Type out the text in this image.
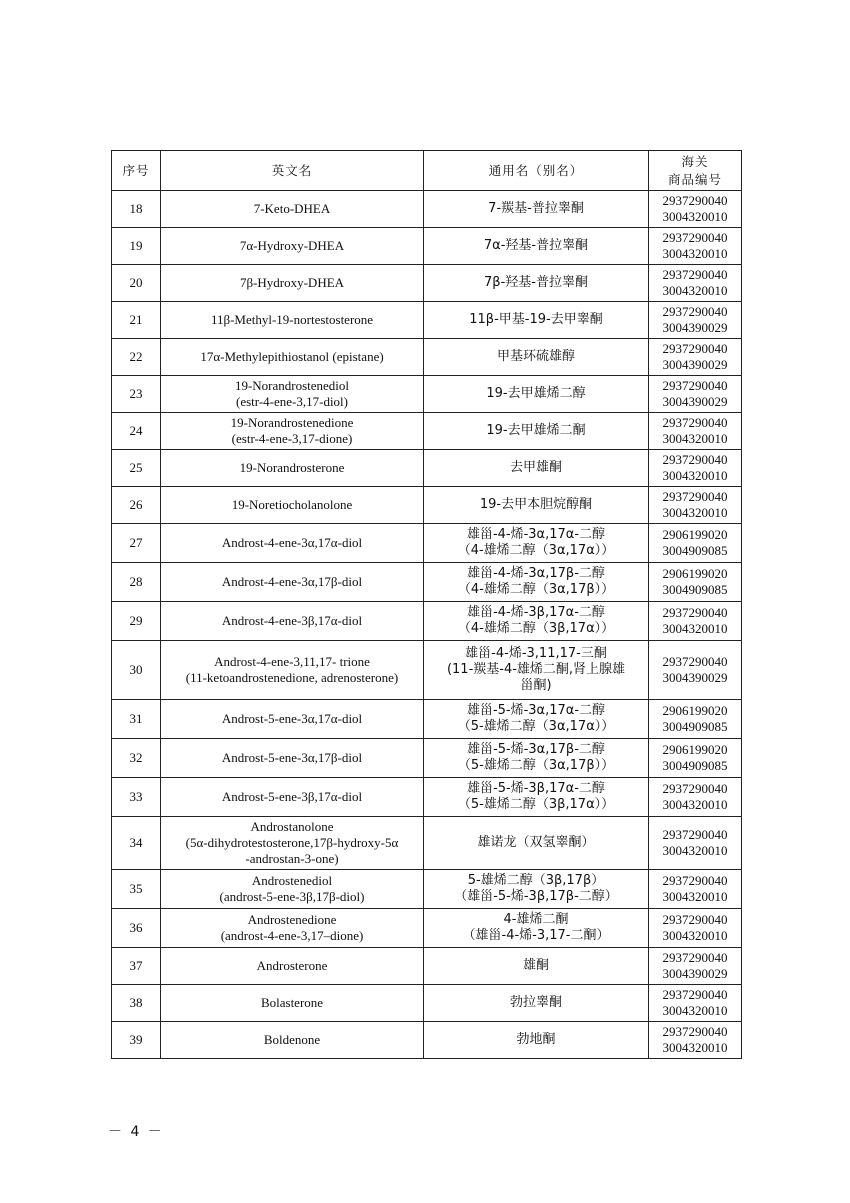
序号	英文名	通用名（别名）	海关
商品编号
18	7-Keto-DHEA	7-羰基-普拉睾酮	2937290040
3004320010
19	7α-Hydroxy-DHEA	7α-羟基-普拉睾酮	2937290040
3004320010
20	7β-Hydroxy-DHEA	7β-羟基-普拉睾酮	2937290040
3004320010
21	11β-Methyl-19-nortestosterone	11β-甲基-19-去甲睾酮	2937290040
3004390029
22	17α-Methylepithiostanol (epistane)	甲基环硫雄醇	2937290040
3004390029
23	19-Norandrostenediol
(estr-4-ene-3,17-diol)	19-去甲雄烯二醇	2937290040
3004390029
24	19-Norandrostenedione
(estr-4-ene-3,17-dione)	19-去甲雄烯二酮	2937290040
3004320010
25	19-Norandrosterone	去甲雄酮	2937290040
3004320010
26	19-Noretiocholanolone	19-去甲本胆烷醇酮	2937290040
3004320010
27	Androst-4-ene-3α,17α-diol	雄甾-4-烯-3α,17α-二醇
（4-雄烯二醇（3α,17α））	2906199020
3004909085
28	Androst-4-ene-3α,17β-diol	雄甾-4-烯-3α,17β-二醇
（4-雄烯二醇（3α,17β））	2906199020
3004909085
29	Androst-4-ene-3β,17α-diol	雄甾-4-烯-3β,17α-二醇
（4-雄烯二醇（3β,17α））	2937290040
3004320010
30	Androst-4-ene-3,11,17- trione
(11-ketoandrostenedione, adrenosterone)	雄甾-4-烯-3,11,17-三酮
(11-羰基-4-雄烯二酮,肾上腺雄
甾酮)	2937290040
3004390029
31	Androst-5-ene-3α,17α-diol	雄甾-5-烯-3α,17α-二醇
（5-雄烯二醇（3α,17α））	2906199020
3004909085
32	Androst-5-ene-3α,17β-diol	雄甾-5-烯-3α,17β-二醇
（5-雄烯二醇（3α,17β））	2906199020
3004909085
33	Androst-5-ene-3β,17α-diol	雄甾-5-烯-3β,17α-二醇
（5-雄烯二醇（3β,17α））	2937290040
3004320010
34	Androstanolone
(5α-dihydrotestosterone,17β-hydroxy-5α
-androstan-3-one)	雄诺龙（双氢睾酮）	2937290040
3004320010
35	Androstenediol
(androst-5-ene-3β,17β-diol)	5-雄烯二醇（3β,17β）
（雄甾-5-烯-3β,17β-二醇）	2937290040
3004320010
36	Androstenedione
(androst-4-ene-3,17–dione)	4-雄烯二酮
（雄甾-4-烯-3,17-二酮）	2937290040
3004320010
37	Androsterone	雄酮	2937290040
3004390029
38	Bolasterone	勃拉睾酮	2937290040
3004320010
39	Boldenone	勃地酮	2937290040
3004320010
－ 4 －
